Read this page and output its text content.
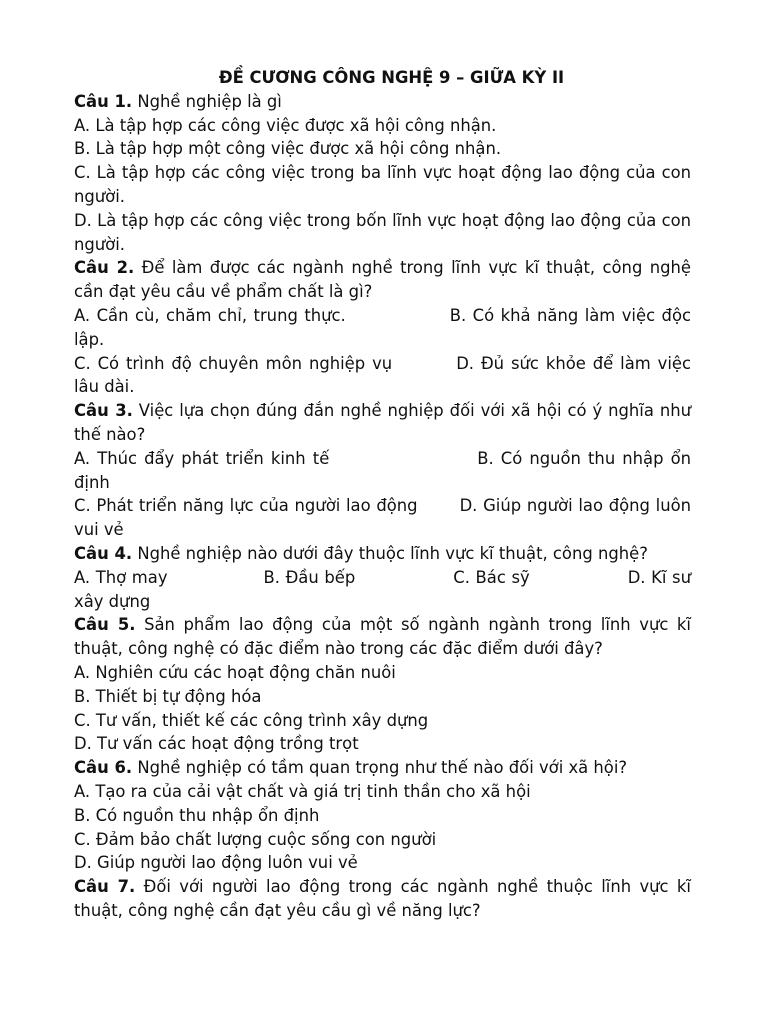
ĐỀ CƯƠNG CÔNG NGHỆ 9 – GIỮA KỲ II
Câu 1. Nghề nghiệp là gì
A. Là tập hợp các công việc được xã hội công nhận.
B. Là tập hợp một công việc được xã hội công nhận.
C. Là tập hợp các công việc trong ba lĩnh vực hoạt động lao động của con người.
D. Là tập hợp các công việc trong bốn lĩnh vực hoạt động lao động của con người.
Câu 2. Để làm được các ngành nghề trong lĩnh vực kĩ thuật, công nghệ cần đạt yêu cầu về phẩm chất là gì?
A. Cần cù, chăm chỉ, trung thực.	B. Có khả năng làm việc độc lập.
C. Có trình độ chuyên môn nghiệp vụ	D. Đủ sức khỏe để làm việc lâu dài.
Câu 3. Việc lựa chọn đúng đắn nghề nghiệp đối với xã hội có ý nghĩa như thế nào?
A. Thúc đẩy phát triển kinh tế	B. Có nguồn thu nhập ổn định
C. Phát triển năng lực của người lao động	D. Giúp người lao động luôn vui vẻ
Câu 4. Nghề nghiệp nào dưới đây thuộc lĩnh vực kĩ thuật, công nghệ?
A. Thợ may	B. Đầu bếp	C. Bác sỹ	D. Kĩ sư xây dựng
Câu 5. Sản phẩm lao động của một số ngành ngành trong lĩnh vực kĩ thuật, công nghệ có đặc điểm nào trong các đặc điểm dưới đây?
A. Nghiên cứu các hoạt động chăn nuôi
B. Thiết bị tự động hóa
C. Tư vấn, thiết kế các công trình xây dựng
D. Tư vấn các hoạt động trồng trọt
Câu 6. Nghề nghiệp có tầm quan trọng như thế nào đối với xã hội?
A. Tạo ra của cải vật chất và giá trị tinh thần cho xã hội
B. Có nguồn thu nhập ổn định
C. Đảm bảo chất lượng cuộc sống con người
D. Giúp người lao động luôn vui vẻ
Câu 7. Đối với người lao động trong các ngành nghề thuộc lĩnh vực kĩ thuật, công nghệ cần đạt yêu cầu gì về năng lực?
